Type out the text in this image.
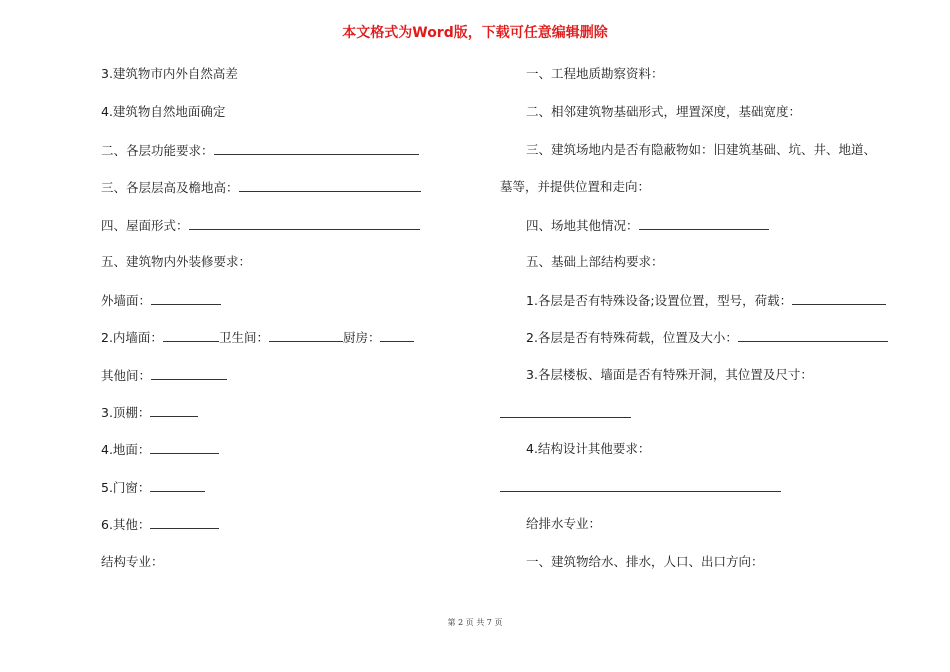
本文格式为Word版，下载可任意编辑删除
3.建筑物市内外自然高差
4.建筑物自然地面确定
二、各层功能要求：
三、各层层高及檐地高：
四、屋面形式：
五、建筑物内外装修要求：
外墙面：
2.内墙面：	卫生间：	厨房：
其他间：
3.顶棚：
4.地面：
5.门窗：
6.其他：
结构专业：
一、工程地质勘察资料：
二、相邻建筑物基础形式，埋置深度，基础宽度：
三、建筑场地内是否有隐蔽物如：旧建筑基础、坑、井、地道、
墓等，并提供位置和走向：
四、场地其他情况：
五、基础上部结构要求：
1.各层是否有特殊设备;设置位置，型号，荷载：
2.各层是否有特殊荷载，位置及大小：
3.各层楼板、墙面是否有特殊开洞，其位置及尺寸：
4.结构设计其他要求：
给排水专业：
一、建筑物给水、排水，人口、出口方向：
第 2 页 共 7 页
